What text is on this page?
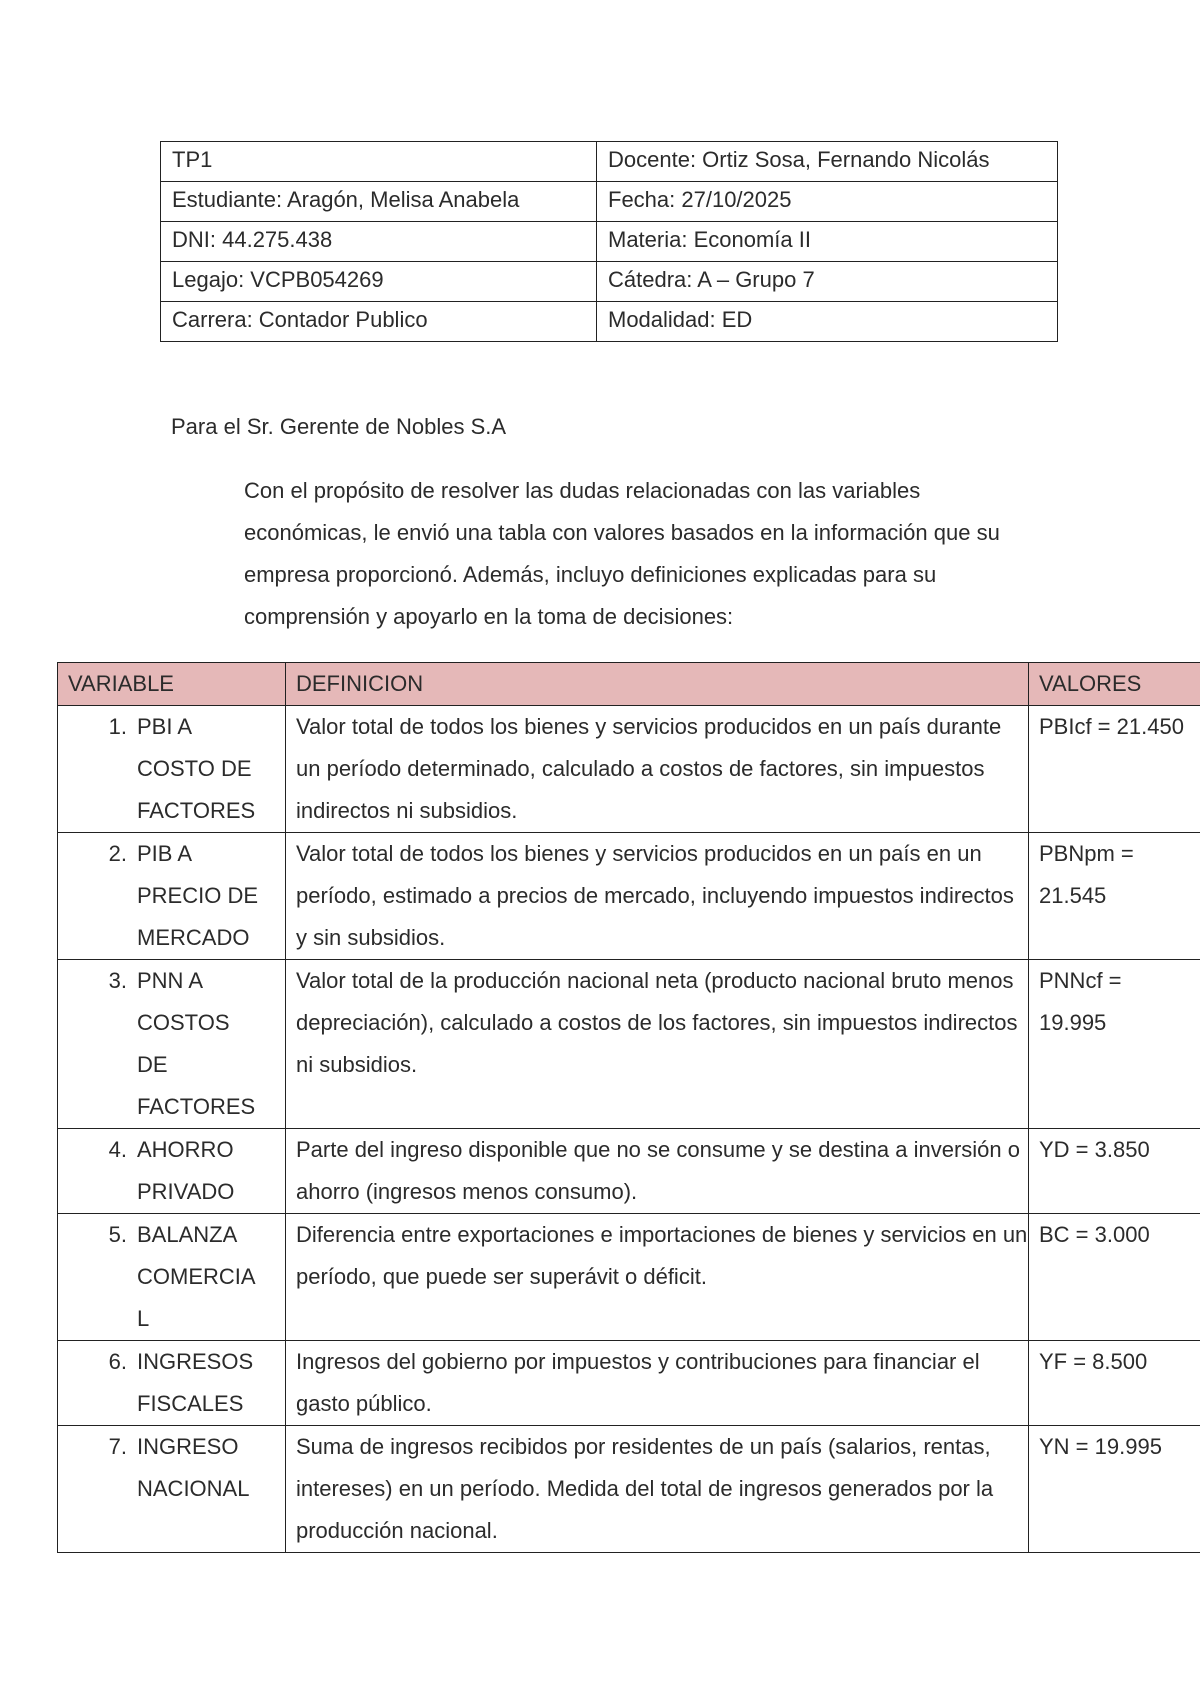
TP1	Docente: Ortiz Sosa, Fernando Nicolás
Estudiante: Aragón, Melisa Anabela	Fecha: 27/10/2025
DNI: 44.275.438	Materia: Economía II
Legajo: VCPB054269	Cátedra: A – Grupo 7
Carrera: Contador Publico	Modalidad: ED
Para el Sr. Gerente de Nobles S.A
Con el propósito de resolver las dudas relacionadas con las variables económicas, le envió una tabla con valores basados en la información que su empresa proporcionó. Además, incluyo definiciones explicadas para su comprensión y apoyarlo en la toma de decisiones:
VARIABLE	DEFINICION	VALORES

1. PBI A
COSTO DE
FACTORES	Valor total de todos los bienes y servicios producidos en un país durante un período determinado, calculado a costos de factores, sin impuestos indirectos ni subsidios.	PBIcf = 21.450

2. PIB A
PRECIO DE
MERCADO	Valor total de todos los bienes y servicios producidos en un país en un período, estimado a precios de mercado, incluyendo impuestos indirectos y sin subsidios.	PBNpm = 21.545

3. PNN A
COSTOS
DE
FACTORES	Valor total de la producción nacional neta (producto nacional bruto menos depreciación), calculado a costos de los factores, sin impuestos indirectos ni subsidios.	PNNcf = 19.995

4. AHORRO
PRIVADO	Parte del ingreso disponible que no se consume y se destina a inversión o ahorro (ingresos menos consumo).	YD = 3.850

5. BALANZA
COMERCIA
L	Diferencia entre exportaciones e importaciones de bienes y servicios en un período, que puede ser superávit o déficit.	BC = 3.000

6. INGRESOS
FISCALES	Ingresos del gobierno por impuestos y contribuciones para financiar el gasto público.	YF = 8.500

7. INGRESO
NACIONAL	Suma de ingresos recibidos por residentes de un país (salarios, rentas, intereses) en un período. Medida del total de ingresos generados por la producción nacional.	YN = 19.995
